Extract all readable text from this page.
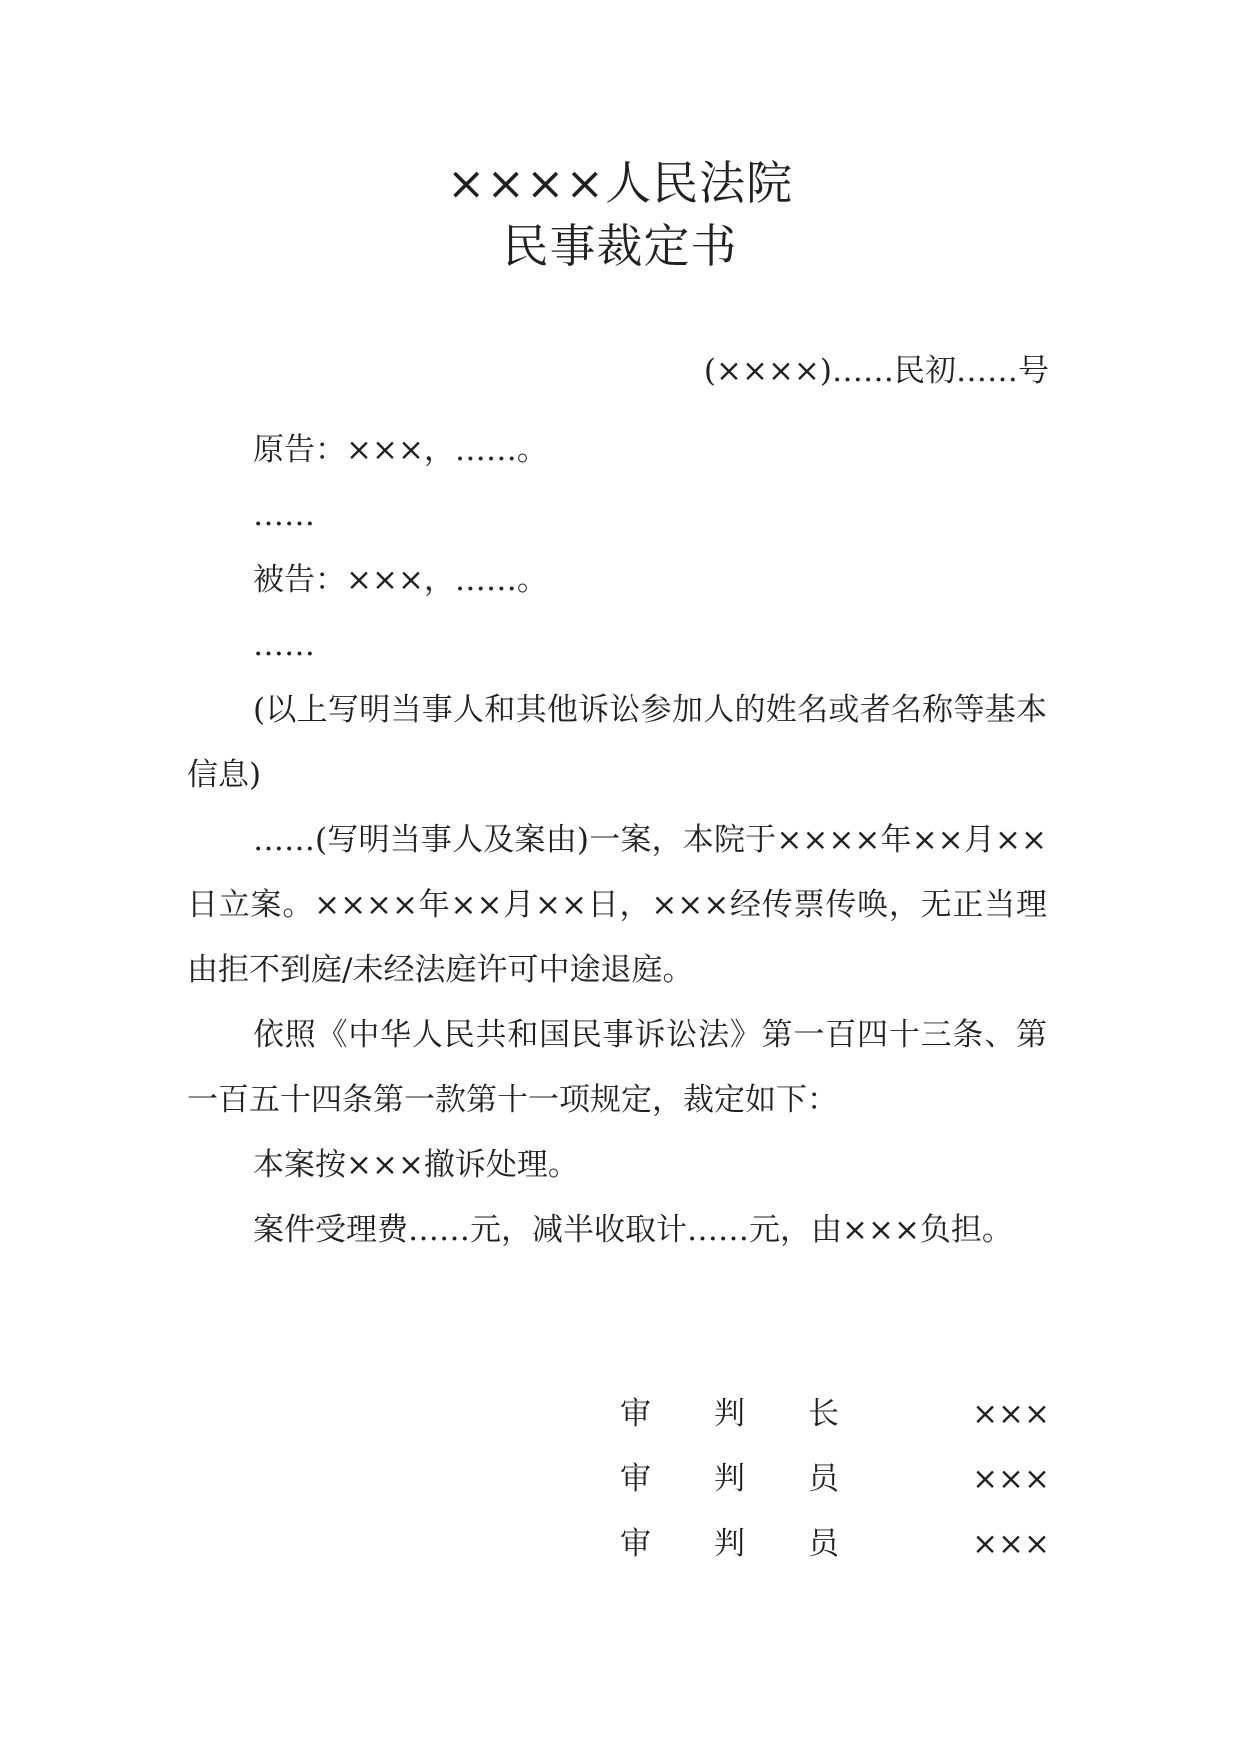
××××人民法院
民事裁定书
(××××)……民初……号

原告：×××，……。

……

被告：×××，……。

……

(以上写明当事人和其他诉讼参加人的姓名或者名称等基本信息)

……(写明当事人及案由)一案，本院于××××年××月××日立案。××××年××月××日，×××经传票传唤，无正当理由拒不到庭/未经法庭许可中途退庭。

依照《中华人民共和国民事诉讼法》第一百四十三条、第一百五十四条第一款第十一项规定，裁定如下：

本案按×××撤诉处理。

案件受理费……元，减半收取计……元，由×××负担。

审判长 ×××
审判员 ×××
审判员 ×××
